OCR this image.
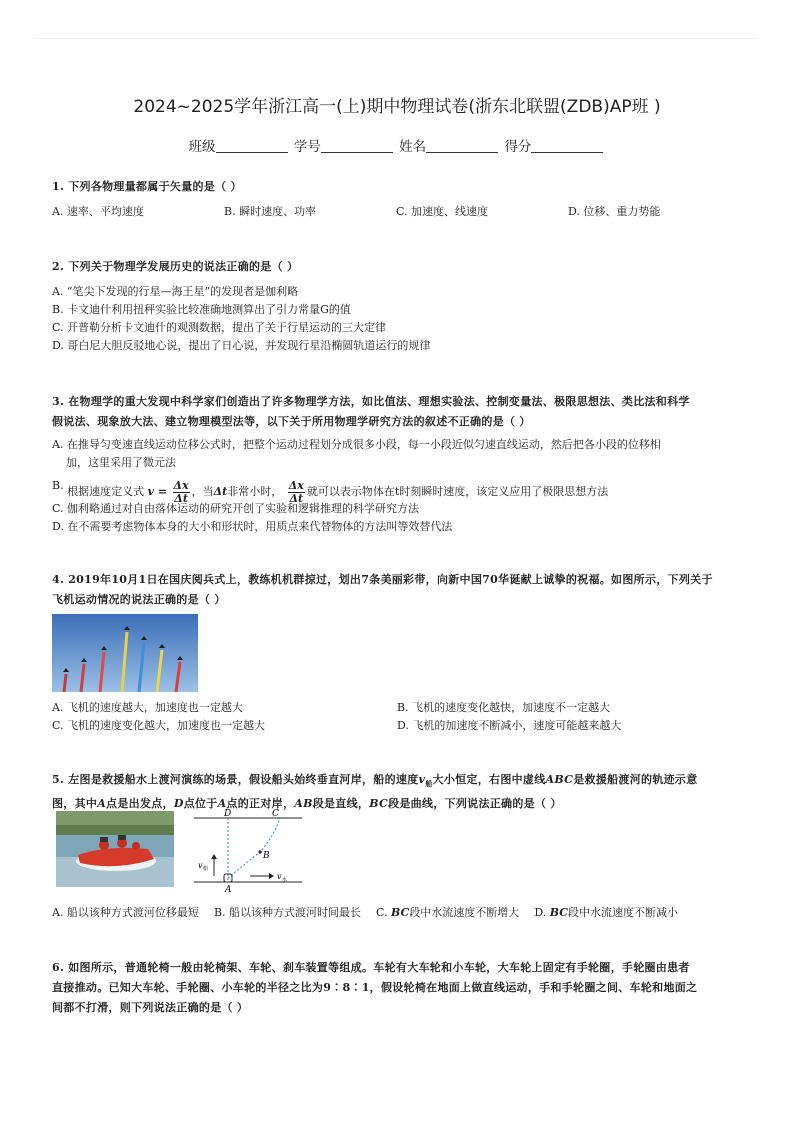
2024~2025学年浙江高一(上)期中物理试卷(浙东北联盟(ZDB)AP班 )
班级	学号	姓名	得分
1. 下列各物理量都属于矢量的是（ ）
A. 速率、平均速度	B. 瞬时速度、功率	C. 加速度、线速度	D. 位移、重力势能
2. 下列关于物理学发展历史的说法正确的是（ ）
A. “笔尖下发现的行星—海王星”的发现者是伽利略
B. 卡文迪什利用扭秤实验比较准确地测算出了引力常量G的值
C. 开普勒分析卡文迪什的观测数据，提出了关于行星运动的三大定律
D. 哥白尼大胆反驳地心说，提出了日心说，并发现行星沿椭圆轨道运行的规律
3. 在物理学的重大发现中科学家们创造出了许多物理学方法，如比值法、理想实验法、控制变量法、极限思想法、类比法和科学
假说法、现象放大法、建立物理模型法等，以下关于所用物理学研究方法的叙述不正确的是（ ）
A. 在推导匀变速直线运动位移公式时，把整个运动过程划分成很多小段，每一小段近似匀速直线运动，然后把各小段的位移相
加，这里采用了微元法
B. 根据速度定义式 $v = \frac{\Delta x}{\Delta t}$ ，当Δt非常小时， $\frac{\Delta x}{\Delta t}$ 就可以表示物体在t时刻瞬时速度，该定义应用了极限思想方法
C. 伽利略通过对自由落体运动的研究开创了实验和逻辑推理的科学研究方法
D. 在不需要考虑物体本身的大小和形状时，用质点来代替物体的方法叫等效替代法
4. 2019年10月1日在国庆阅兵式上，教练机机群掠过，划出7条美丽彩带，向新中国70华诞献上诚挚的祝福。如图所示，下列关于
飞机运动情况的说法正确的是（ ）
A. 飞机的速度越大，加速度也一定越大	B. 飞机的速度变化越快，加速度不一定越大
C. 飞机的速度变化越大，加速度也一定越大	D. 飞机的加速度不断减小，速度可能越来越大
5. 左图是救援船水上渡河演练的场景，假设船头始终垂直河岸，船的速度$v_船$大小恒定，右图中虚线ABC是救援船渡河的轨迹示意
图，其中A点是出发点，D点位于A点的正对岸，AB段是直线，BC段是曲线，下列说法正确的是（ ）
D	C
B
A
v 船
v 水
A. 船以该种方式渡河位移最短 B. 船以该种方式渡河时间最长 C. BC段中水流速度不断增大 D. BC段中水流速度不断减小
6. 如图所示，普通轮椅一般由轮椅架、车轮、刹车装置等组成。车轮有大车轮和小车轮，大车轮上固定有手轮圈，手轮圈由患者
直接推动。已知大车轮、手轮圈、小车轮的半径之比为9∶8∶1，假设轮椅在地面上做直线运动，手和手轮圈之间、车轮和地面之
间都不打滑，则下列说法正确的是（ ）
